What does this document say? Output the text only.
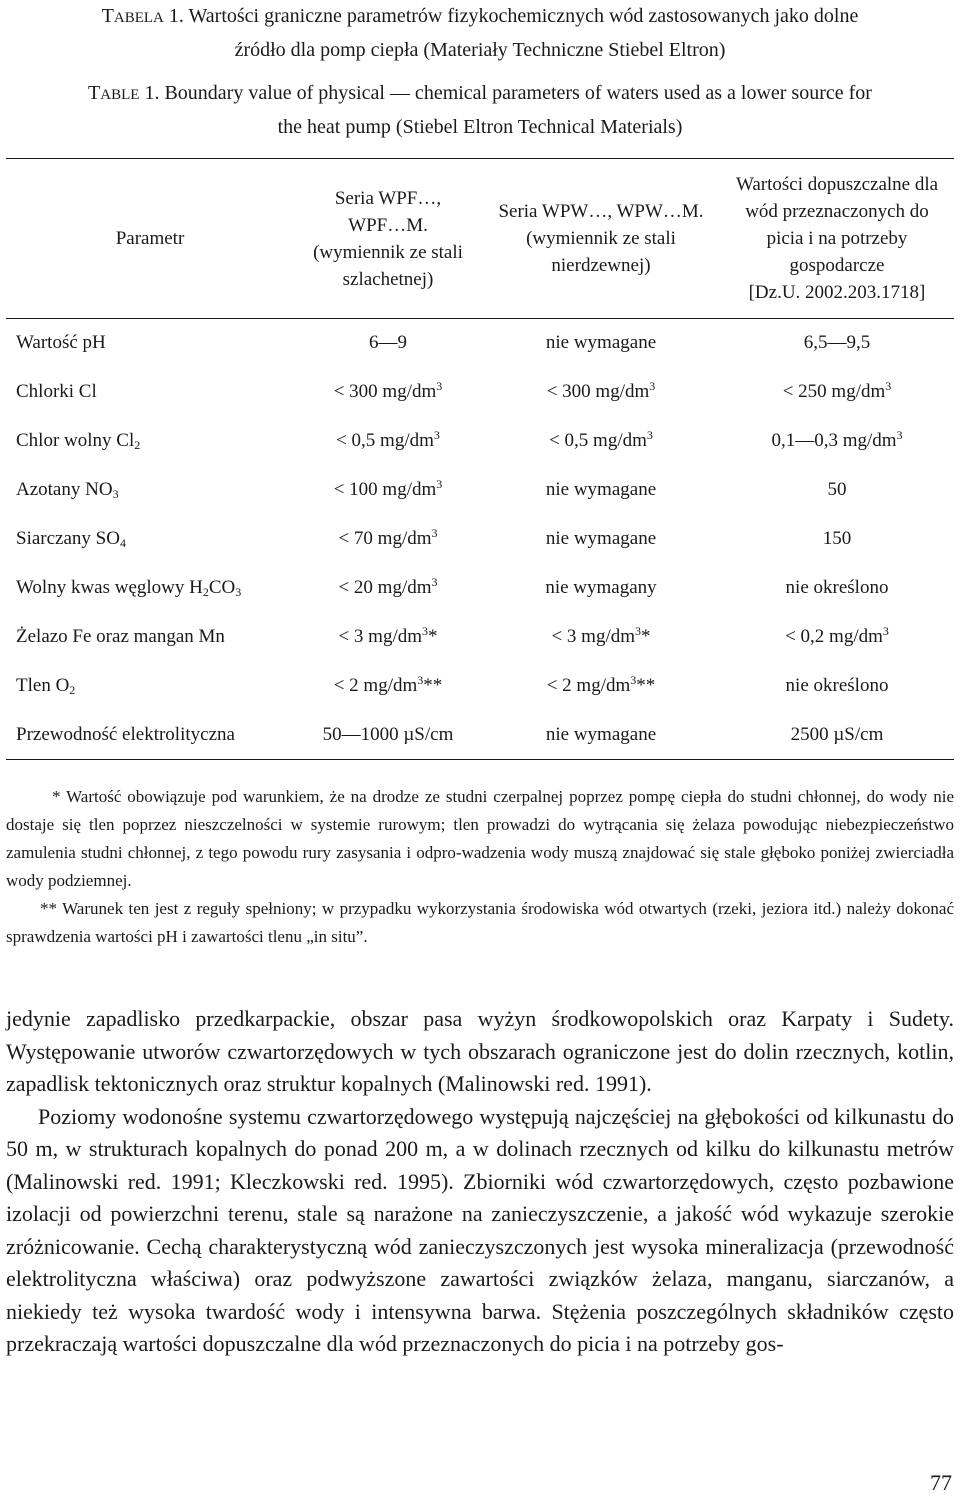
TABELA 1. Wartości graniczne parametrów fizykochemicznych wód zastosowanych jako dolne
źródło dla pomp ciepła (Materiały Techniczne Stiebel Eltron)

TABLE 1. Boundary value of physical — chemical parameters of waters used as a lower source for
the heat pump (Stiebel Eltron Technical Materials)

Parametr	Seria WPF…,
WPF…M.
(wymiennik ze stali
szlachetnej)	Seria WPW…, WPW…M.
(wymiennik ze stali
nierdzewnej)	Wartości dopuszczalne dla
wód przeznaczonych do
picia i na potrzeby
gospodarcze
[Dz.U. 2002.203.1718]
Wartość pH	6—9	nie wymagane	6,5—9,5
Chlorki Cl	< 300 $mg/dm^3$	< 300 $mg/dm^3$	< 250 $mg/dm^3$
Chlor wolny $Cl_2$	< 0,5 $mg/dm^3$	< 0,5 $mg/dm^3$	0,1—0,3 $mg/dm^3$
Azotany $NO_3$	< 100 $mg/dm^3$	nie wymagane	50
Siarczany $SO_4$	< 70 $mg/dm^3$	nie wymagane	150
Wolny kwas węglowy $H_2CO_3$	< 20 $mg/dm^3$	nie wymagany	nie określono
Żelazo Fe oraz mangan Mn	< 3 $mg/dm^3*$	< 3 $mg/dm^3*$	< 0,2 $mg/dm^3$
Tlen $O_2$	< 2 $mg/dm^3**$	< 2 $mg/dm^3**$	nie określono
Przewodność elektrolityczna	50—1000 µS/cm	nie wymagane	2500 µS/cm

* Wartość obowiązuje pod warunkiem, że na drodze ze studni czerpalnej poprzez pompę ciepła do studni chłonnej, do wody nie dostaje się tlen poprzez nieszczelności w systemie rurowym; tlen prowadzi do wytrącania się żelaza powodując niebezpieczeństwo zamulenia studni chłonnej, z tego powodu rury zasysania i odpro-wadzenia wody muszą znajdować się stale głęboko poniżej zwierciadła wody podziemnej.

** Warunek ten jest z reguły spełniony; w przypadku wykorzystania środowiska wód otwartych (rzeki, jeziora itd.) należy dokonać sprawdzenia wartości pH i zawartości tlenu „in situ”.

jedynie zapadlisko przedkarpackie, obszar pasa wyżyn środkowopolskich oraz Karpaty i Sudety. Występowanie utworów czwartorzędowych w tych obszarach ograniczone jest do dolin rzecznych, kotlin, zapadlisk tektonicznych oraz struktur kopalnych (Malinowski red. 1991).

Poziomy wodonośne systemu czwartorzędowego występują najczęściej na głębokości od kilkunastu do 50 m, w strukturach kopalnych do ponad 200 m, a w dolinach rzecznych od kilku do kilkunastu metrów (Malinowski red. 1991; Kleczkowski red. 1995). Zbiorniki wód czwartorzędowych, często pozbawione izolacji od powierzchni terenu, stale są narażone na zanieczyszczenie, a jakość wód wykazuje szerokie zróżnicowanie. Cechą charakterystyczną wód zanieczyszczonych jest wysoka mineralizacja (przewodność elektrolityczna właściwa) oraz podwyższone zawartości związków żelaza, manganu, siarczanów, a niekiedy też wysoka twardość wody i intensywna barwa. Stężenia poszczególnych składników często przekraczają wartości dopuszczalne dla wód przeznaczonych do picia i na potrzeby gos-

77
